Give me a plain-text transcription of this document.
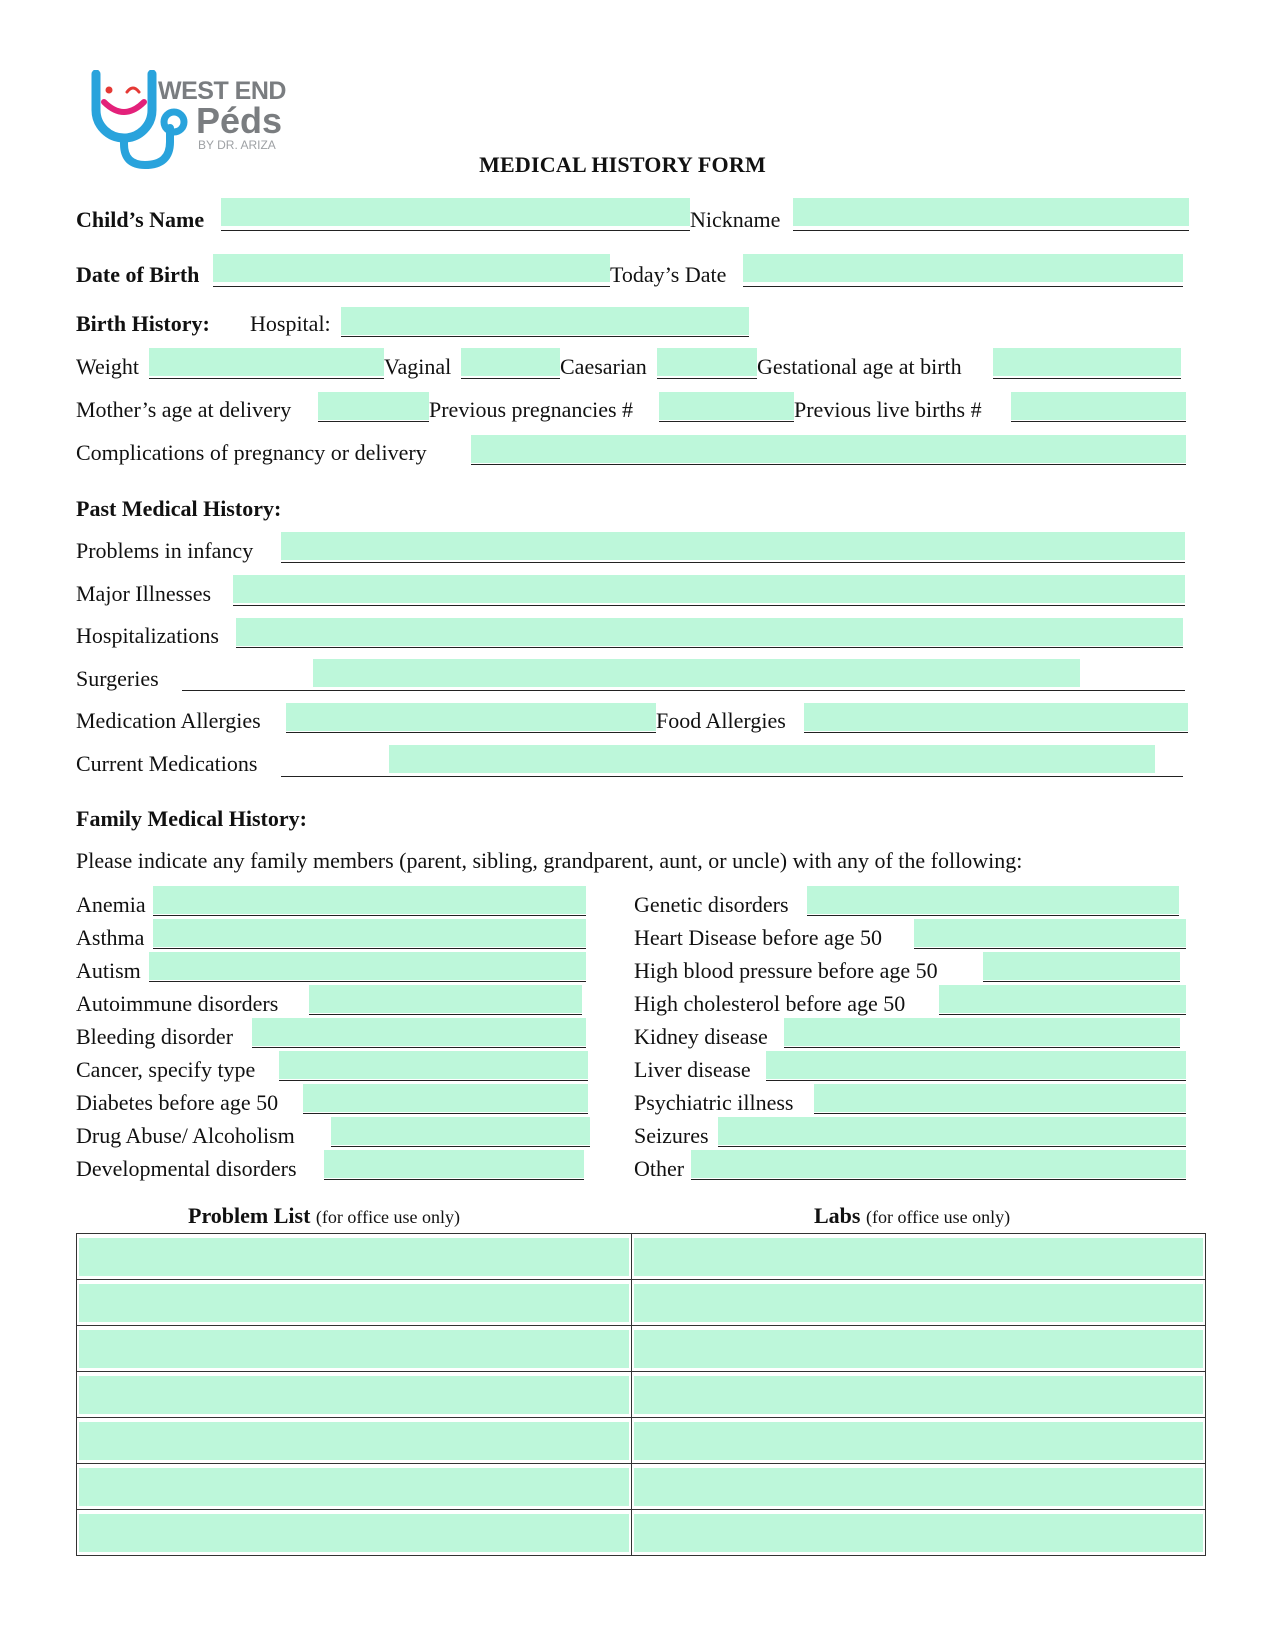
WEST END
Péds
BY DR. ARIZA
MEDICAL HISTORY FORM
Child’s Name	Nickname
Date of Birth	Today’s Date
Birth History: Hospital:
Weight	Vaginal	Caesarian	Gestational age at birth
Mother’s age at delivery	Previous pregnancies #	Previous live births #
Complications of pregnancy or delivery
Past Medical History:
Problems in infancy
Major Illnesses
Hospitalizations
Surgeries
Medication Allergies	Food Allergies
Current Medications
Family Medical History:
Please indicate any family members (parent, sibling, grandparent, aunt, or uncle) with any of the following:
Anemia
Asthma
Autism
Autoimmune disorders
Bleeding disorder
Cancer, specify type
Diabetes before age 50
Drug Abuse/ Alcoholism
Developmental disorders
Genetic disorders
Heart Disease before age 50
High blood pressure before age 50
High cholesterol before age 50
Kidney disease
Liver disease
Psychiatric illness
Seizures
Other
Problem List (for office use only)	Labs (for office use only)
